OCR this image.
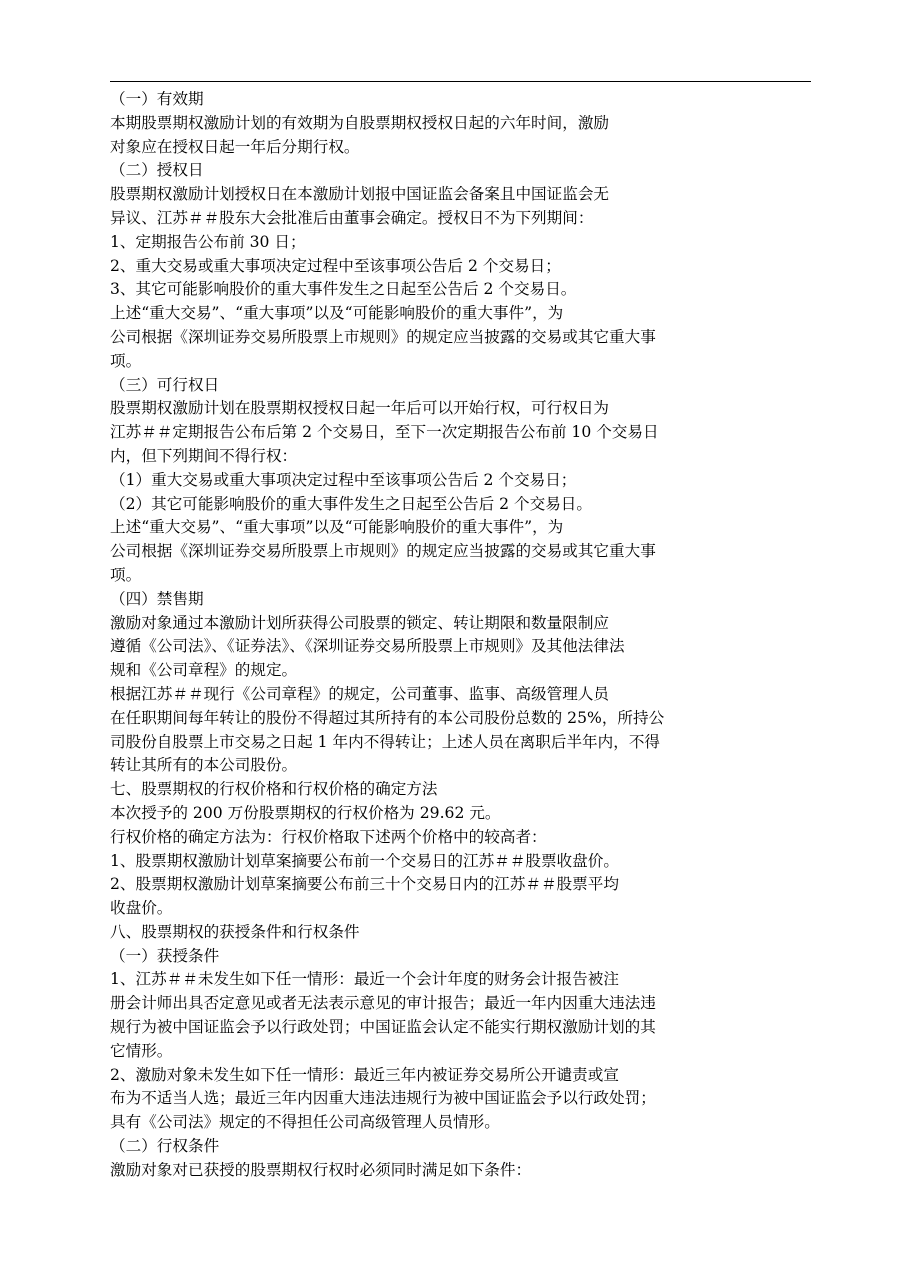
（一）有效期
本期股票期权激励计划的有效期为自股票期权授权日起的六年时间，激励
对象应在授权日起一年后分期行权。
（二）授权日
股票期权激励计划授权日在本激励计划报中国证监会备案且中国证监会无
异议、江苏＃＃股东大会批准后由董事会确定。授权日不为下列期间：
1、定期报告公布前 30 日；
2、重大交易或重大事项决定过程中至该事项公告后 2 个交易日；
3、其它可能影响股价的重大事件发生之日起至公告后 2 个交易日。
上述“重大交易”、“重大事项”以及“可能影响股价的重大事件”，为
公司根据《深圳证券交易所股票上市规则》的规定应当披露的交易或其它重大事
项。
（三）可行权日
股票期权激励计划在股票期权授权日起一年后可以开始行权，可行权日为
江苏＃＃定期报告公布后第 2 个交易日，至下一次定期报告公布前 10 个交易日
内，但下列期间不得行权：
（1）重大交易或重大事项决定过程中至该事项公告后 2 个交易日；
（2）其它可能影响股价的重大事件发生之日起至公告后 2 个交易日。
上述“重大交易”、“重大事项”以及“可能影响股价的重大事件”，为
公司根据《深圳证券交易所股票上市规则》的规定应当披露的交易或其它重大事
项。
（四）禁售期
激励对象通过本激励计划所获得公司股票的锁定、转让期限和数量限制应
遵循《公司法》、《证券法》、《深圳证券交易所股票上市规则》及其他法律法
规和《公司章程》的规定。
根据江苏＃＃现行《公司章程》的规定，公司董事、监事、高级管理人员
在任职期间每年转让的股份不得超过其所持有的本公司股份总数的 25%，所持公
司股份自股票上市交易之日起 1 年内不得转让；上述人员在离职后半年内，不得
转让其所有的本公司股份。
七、股票期权的行权价格和行权价格的确定方法
本次授予的 200 万份股票期权的行权价格为 29.62 元。
行权价格的确定方法为：行权价格取下述两个价格中的较高者：
1、股票期权激励计划草案摘要公布前一个交易日的江苏＃＃股票收盘价。
2、股票期权激励计划草案摘要公布前三十个交易日内的江苏＃＃股票平均
收盘价。
八、股票期权的获授条件和行权条件
（一）获授条件
1、江苏＃＃未发生如下任一情形：最近一个会计年度的财务会计报告被注
册会计师出具否定意见或者无法表示意见的审计报告；最近一年内因重大违法违
规行为被中国证监会予以行政处罚；中国证监会认定不能实行期权激励计划的其
它情形。
2、激励对象未发生如下任一情形：最近三年内被证券交易所公开谴责或宣
布为不适当人选；最近三年内因重大违法违规行为被中国证监会予以行政处罚；
具有《公司法》规定的不得担任公司高级管理人员情形。
（二）行权条件
激励对象对已获授的股票期权行权时必须同时满足如下条件：
